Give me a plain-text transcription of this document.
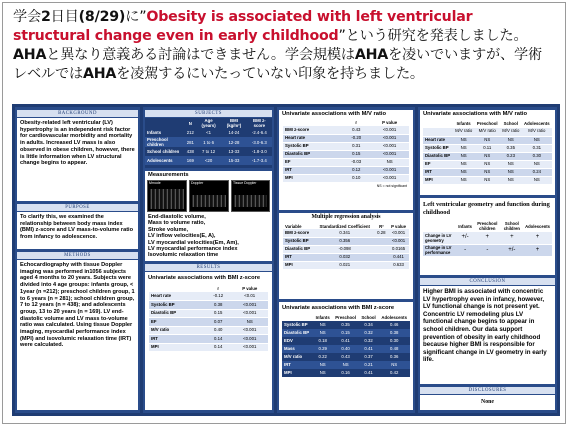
学会2日目(8/29)に”Obesity is associated with left ventricular structural change even in early childhood”という研究を発表しました。AHAと異なり意義ある討論はできません。学会規模はAHAを凌いでいますが、学術レベルではAHAを凌駕するにいたっていない印象を持ちました。
BACKGROUND
Obesity-related left ventricular (LV) hypertrophy is an independent risk factor for cardiovascular morbidity and mortality in adults. Increased LV mass is also observed in obese children, however, there is little information when LV structural change begins to appear.
PURPOSE
To clarify this, we examined the relationship between body mass index (BMI) z-score and LV mass-to-volume ratio from infancy to adolescence.
METHODS
Echocardiography with tissue Doppler imaging was performed in1056 subjects aged 4 months to 20 years. Subjects were divided into 4 age groups: infants group, < 1year (n =212); preschool children group, 1 to 6 years (n = 281); school children group, 7 to 12 years (n = 438); and adolescents group, 13 to 20 years (n = 169). LV end-diastolic volume and LV mass to-volume ratio was calculated. Using tissue Doppler imaging, myocardial performance index (MPI) and isovolumic relaxation time (IRT) were calculated.
SUBJECTS
	N	Age (years)	BMI (kg/m²)	BMI z-score
Infants	212	<1	14-24	-2.4-6.4
Preschool children	281	1 to 6	12-28	-3.0-6.3
School children	438	7 to 12	13-33	-1.8-3.0
Adolescents	169	<20	15-33	-1.7-3.4
Measurements
Mmode	Doppler	Tissue Doppler
End-diastolic volume,
Mass to volume ratio,
Stroke volume,
LV inflow velocities(E, A),
LV myocardial velocities(Em, Am),
LV myocardial performance index
Isovolumic relaxation time
RESULTS
Univariate associations with BMI z-score
	r	P value
Heart rate	-0.12	<0.01
Systolic BP	0.38	<0.001
Diastolic BP	0.15	<0.001
EF	0.07	NS
M/V ratio	0.40	<0.001
IRT	0.14	<0.001
MPI	0.14	<0.001
Univariate associations with M/V ratio
	r	P value
BMI z-score	0.43	<0.001
Heart rate	-0.20	<0.001
Systolic BP	0.31	<0.001
Diastolic BP	0.15	<0.001
EF	-0.03	NS
IRT	0.12	<0.001
MPI	0.10	<0.001
NS = not significant
Multiple regression analysis
Variable	Standardized Coefficient	R²	P value
BMI z-score	0.341	0.28	<0.001
Systolic BP	0.356		<0.001
Diastolic BP	-0.098		0.0165
IRT	0.032		0.441
MPI	0.021		0.633
Univariate associations with BMI z-score
	Infants	Preschool	School	Adolescents
Systolic BP	NS	0.35	0.34	0.46
Diastolic BP	NS	0.15	0.32	0.38
EDV	0.18	0.41	0.32	0.30
Mass	0.29	0.40	0.41	0.48
M/V ratio	0.22	0.43	0.37	0.36
IRT	NS	NS	0.21	NS
MPI	NS	0.16	0.41	0.42
Univariate associations with M/V ratio
	Infants	Preschool	School	Adolescents
	M/V ratio	M/V ratio	M/V ratio	M/V ratio
Heart rate	NS	NS	NS	NS
Systolic BP	NS	0.11	0.35	0.31
Diastolic BP	NS	NS	0.23	0.30
EF	NS	NS	NS	NS
IRT	NS	NS	NS	0.24
MPI	NS	NS	NS	NS
Left ventricular geometry and function during childhood
	Infants	Preschool children	School children	Adolescents
Change in LV geometry	+/-	+	+	+
Change in LV performance	-	-	+/-	+
CONCLUSION
Higher BMI is associated with concentric LV hypertrophy even in infancy, however, LV functional change is not present yet. Concentric LV remodeling plus LV functional change begins to appear in school children. Our data support prevention of obesity in early childhood because higher BMI is responsible for significant change in LV geometry in early life.
DISCLOSURES
None
